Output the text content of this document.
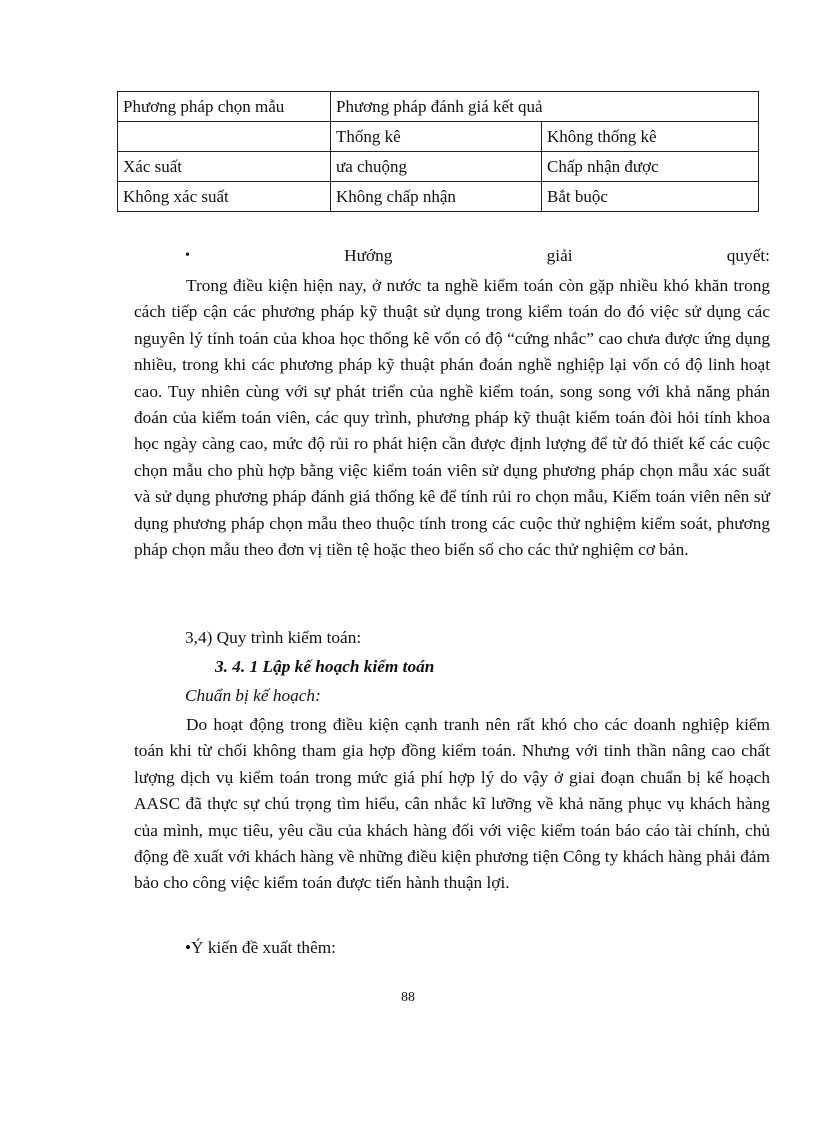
Phương pháp chọn mẫu	Phương pháp đánh giá kết quả	
	Thống kê	Không thống kê
Xác suất	ưa chuộng	Chấp nhận được
Không xác suất	Không chấp nhận	Bắt buộc
•	Hướng	giải	quyết:

Trong điều kiện hiện nay, ở nước ta nghề kiểm toán còn gặp nhiều khó khăn trong cách tiếp cận các phương pháp kỹ thuật sử dụng trong kiểm toán do đó việc sử dụng các nguyên lý tính toán của khoa học thống kê vốn có độ “cứng nhắc” cao chưa được ứng dụng nhiều, trong khi các phương pháp kỹ thuật phán đoán nghề nghiệp lại vốn có độ linh hoạt cao. Tuy nhiên cùng với sự phát triển của nghề kiểm toán, song song với khả năng phán đoán của kiểm toán viên, các quy trình, phương pháp kỹ thuật kiểm toán đòi hỏi tính khoa học ngày càng cao, mức độ rủi ro phát hiện cần được định lượng để từ đó thiết kế các cuộc chọn mẫu cho phù hợp bằng việc kiểm toán viên sử dụng phương pháp chọn mẫu xác suất và sử dụng phương pháp đánh giá thống kê để tính rủi ro chọn mẫu, Kiểm toán viên nên sử dụng phương pháp chọn mẫu theo thuộc tính trong các cuộc thử nghiệm kiểm soát, phương pháp chọn mẫu theo đơn vị tiền tệ hoặc theo biến số cho các thử nghiệm cơ bản.

3,4) Quy trình kiểm toán:
3. 4. 1 Lập kế hoạch kiểm toán
Chuẩn bị kế hoạch:

Do hoạt động trong điều kiện cạnh tranh nên rất khó cho các doanh nghiệp kiểm toán khi từ chối không tham gia hợp đồng kiểm toán. Nhưng với tinh thần nâng cao chất lượng dịch vụ kiểm toán trong mức giá phí hợp lý do vậy ở giai đoạn chuẩn bị kế hoạch AASC đã thực sự chú trọng tìm hiểu, cân nhắc kĩ lưỡng về khả năng phục vụ khách hàng của mình, mục tiêu, yêu cầu của khách hàng đối với việc kiểm toán báo cáo tài chính, chủ động đề xuất với khách hàng về những điều kiện phương tiện Công ty khách hàng phải đảm bảo cho công việc kiểm toán được tiến hành thuận lợi.

•Ý kiến đề xuất thêm:
88
